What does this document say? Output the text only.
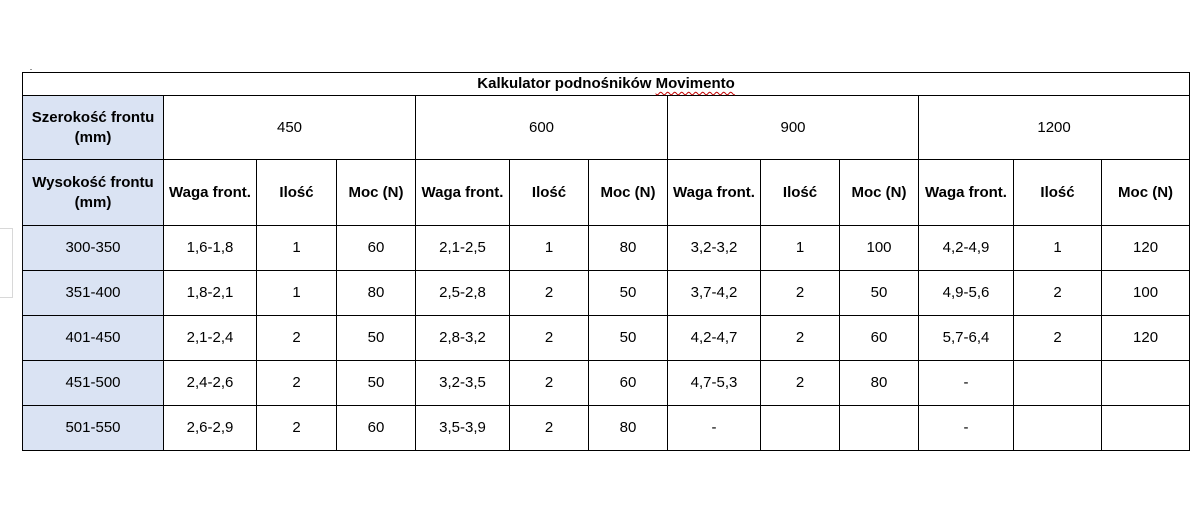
Kalkulator podnośników Movimento												
Szerokość frontu (mm)	450			600			900			1200		
Wysokość frontu (mm)	Waga front.	Ilość	Moc (N)	Waga front.	Ilość	Moc (N)	Waga front.	Ilość	Moc (N)	Waga front.	Ilość	Moc (N)
300-350	1,6-1,8	1	60	2,1-2,5	1	80	3,2-3,2	1	100	4,2-4,9	1	120
351-400	1,8-2,1	1	80	2,5-2,8	2	50	3,7-4,2	2	50	4,9-5,6	2	100
401-450	2,1-2,4	2	50	2,8-3,2	2	50	4,2-4,7	2	60	5,7-6,4	2	120
451-500	2,4-2,6	2	50	3,2-3,5	2	60	4,7-5,3	2	80	-		
501-550	2,6-2,9	2	60	3,5-3,9	2	80	-			-		
